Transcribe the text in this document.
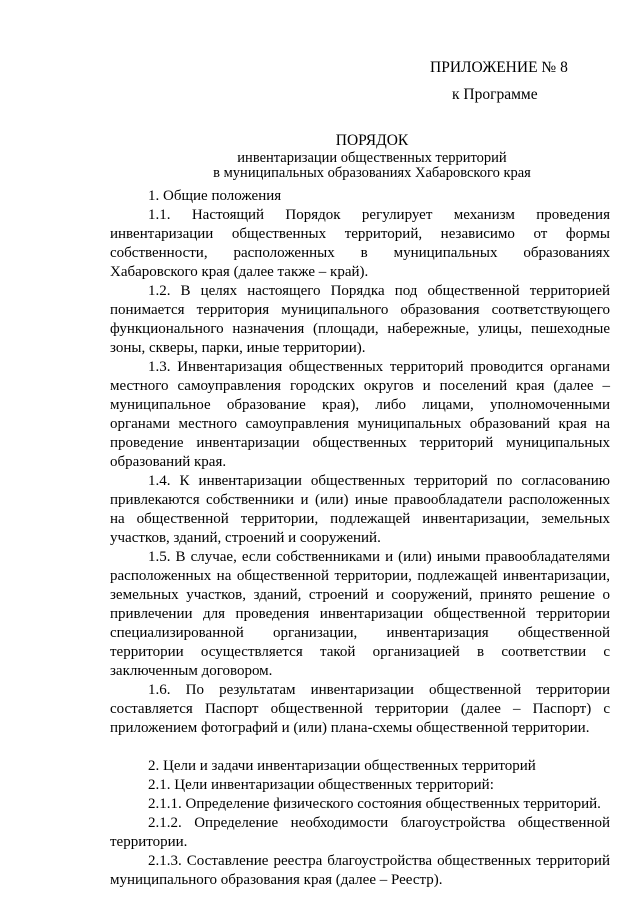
ПРИЛОЖЕНИЕ № 8
к Программе
ПОРЯДОК
инвентаризации общественных территорий
в муниципальных образованиях Хабаровского края

1. Общие положения

1.1. Настоящий Порядок регулирует механизм проведения инвентаризации общественных территорий, независимо от формы собственности, расположенных в муниципальных образованиях Хабаровского края (далее также – край).

1.2. В целях настоящего Порядка под общественной территорией понимается территория муниципального образования соответствующего функционального назначения (площади, набережные, улицы, пешеходные зоны, скверы, парки, иные территории).

1.3. Инвентаризация общественных территорий проводится органами местного самоуправления городских округов и поселений края (далее – муниципальное образование края), либо лицами, уполномоченными органами местного самоуправления муниципальных образований края на проведение инвентаризации общественных территорий муниципальных образований края.

1.4. К инвентаризации общественных территорий по согласованию привлекаются собственники и (или) иные правообладатели расположенных на общественной территории, подлежащей инвентаризации, земельных участков, зданий, строений и сооружений.

1.5. В случае, если собственниками и (или) иными правообладателями расположенных на общественной территории, подлежащей инвентаризации, земельных участков, зданий, строений и сооружений, принято решение о привлечении для проведения инвентаризации общественной территории специализированной организации, инвентаризация общественной территории осуществляется такой организацией в соответствии с заключенным договором.

1.6. По результатам инвентаризации общественной территории составляется Паспорт общественной территории (далее – Паспорт) с приложением фотографий и (или) плана-схемы общественной территории.

2. Цели и задачи инвентаризации общественных территорий

2.1. Цели инвентаризации общественных территорий:

2.1.1. Определение физического состояния общественных территорий.

2.1.2. Определение необходимости благоустройства общественной территории.

2.1.3. Составление реестра благоустройства общественных территорий муниципального образования края (далее – Реестр).
